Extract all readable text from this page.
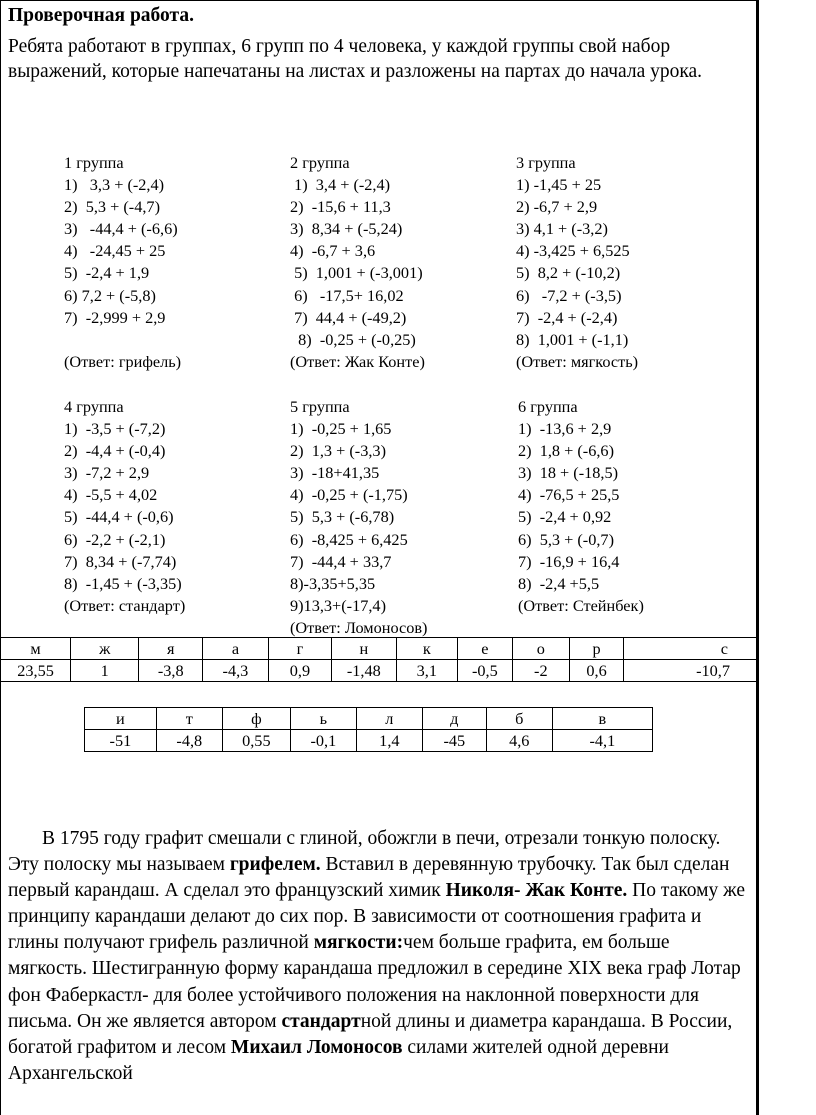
Проверочная работа.

Ребята работают в группах, 6 групп по 4 человека, у каждой группы свой набор выражений, которые напечатаны на листах и разложены на партах до начала урока.

1 группа
1)   3,3 + (-2,4)
2)  5,3 + (-4,7)
3)   -44,4 + (-6,6)
4)   -24,45 + 25
5)  -2,4 + 1,9
6) 7,2 + (-5,8)
7)  -2,999 + 2,9

(Ответ: грифель)
2 группа
1)  3,4 + (-2,4)
2)  -15,6 + 11,3
3)  8,34 + (-5,24)
4)  -6,7 + 3,6
5)  1,001 + (-3,001)
6)   -17,5+ 16,02
7)  44,4 + (-49,2)
8)  -0,25 + (-0,25)
(Ответ: Жак Конте)
3 группа
1) -1,45 + 25
2) -6,7 + 2,9
3) 4,1 + (-3,2)
4) -3,425 + 6,525
5)  8,2 + (-10,2)
6)   -7,2 + (-3,5)
7)  -2,4 + (-2,4)
8)  1,001 + (-1,1)
(Ответ: мягкость)
4 группа
1)  -3,5 + (-7,2)
2)  -4,4 + (-0,4)
3)  -7,2 + 2,9
4)  -5,5 + 4,02
5)  -44,4 + (-0,6)
6)  -2,2 + (-2,1)
7)  8,34 + (-7,74)
8)  -1,45 + (-3,35)
(Ответ: стандарт)
5 группа
1)  -0,25 + 1,65
2)  1,3 + (-3,3)
3)  -18+41,35
4)  -0,25 + (-1,75)
5)  5,3 + (-6,78)
6)  -8,425 + 6,425
7)  -44,4 + 33,7
8)-3,35+5,35
9)13,3+(-17,4)
(Ответ: Ломоносов)
6 группа
1)  -13,6 + 2,9
2)  1,8 + (-6,6)
3)  18 + (-18,5)
4)  -76,5 + 25,5
5)  -2,4 + 0,92
6)  5,3 + (-0,7)
7)  -16,9 + 16,4
8)  -2,4 +5,5
(Ответ: Стейнбек)
м	ж	я	а	г	н	к	е	о	р	с
23,55	1	-3,8	-4,3	0,9	-1,48	3,1	-0,5	-2	0,6	-10,7
и	т	ф	ь	л	д	б	в
-51	-4,8	0,55	-0,1	1,4	-45	4,6	-4,1

В 1795 году графит смешали с глиной, обожгли в печи, отрезали тонкую полоску. Эту полоску мы называем грифелем. Вставил в деревянную трубочку. Так был сделан первый карандаш. А сделал это французский химик Николя- Жак Конте. По такому же принципу карандаши делают до сих пор. В зависимости от соотношения графита и глины получают грифель различной мягкости:чем больше графита, ем больше мягкость. Шестигранную форму карандаша предложил в середине XIX века граф Лотар фон Фаберкастл- для более устойчивого положения на наклонной поверхности для письма. Он же является автором стандартной длины и диаметра карандаша. В России, богатой графитом и лесом Михаил Ломоносов силами жителей одной деревни Архангельской
